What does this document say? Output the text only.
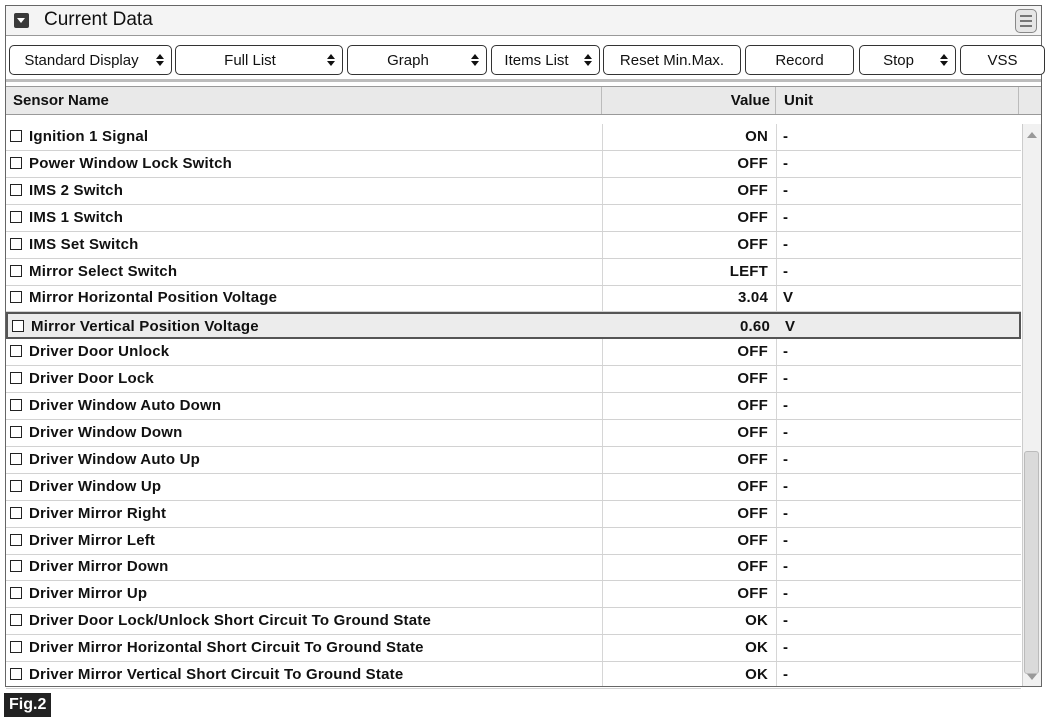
Current Data
Standard Display	Full List	Graph	Items List	Reset Min.Max.	Record	Stop	VSS
Sensor Name	Value Unit
Ignition 1 Signal	ON -
Power Window Lock Switch	OFF -
IMS 2 Switch	OFF -
IMS 1 Switch	OFF -
IMS Set Switch	OFF -
Mirror Select Switch	LEFT -
Mirror Horizontal Position Voltage	3.04 V
Mirror Vertical Position Voltage	0.60 V
Driver Door Unlock	OFF -
Driver Door Lock	OFF -
Driver Window Auto Down	OFF -
Driver Window Down	OFF -
Driver Window Auto Up	OFF -
Driver Window Up	OFF -
Driver Mirror Right	OFF -
Driver Mirror Left	OFF -
Driver Mirror Down	OFF -
Driver Mirror Up	OFF -
Driver Door Lock/Unlock Short Circuit To Ground State	OK -
Driver Mirror Horizontal Short Circuit To Ground State	OK -
Driver Mirror Vertical Short Circuit To Ground State	OK -
Fig.2
